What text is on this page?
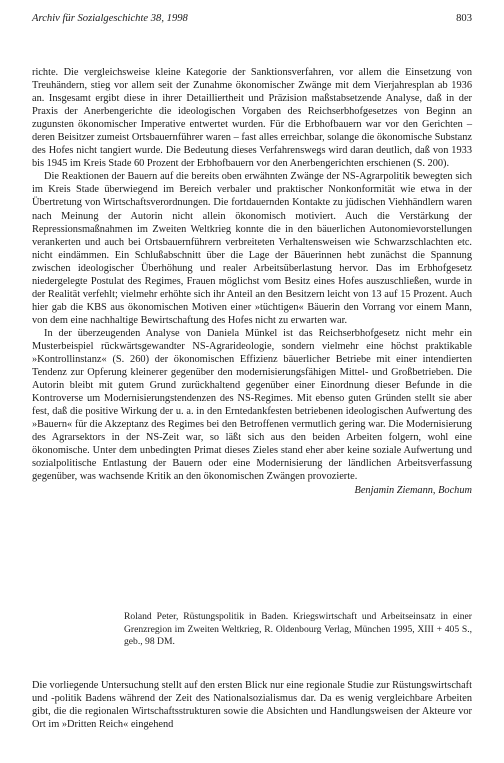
Archiv für Sozialgeschichte 38, 1998	803

richte. Die vergleichsweise kleine Kategorie der Sanktionsverfahren, vor allem die Einsetzung von Treuhändern, stieg vor allem seit der Zunahme ökonomischer Zwänge mit dem Vierjahresplan ab 1936 an. Insgesamt ergibt diese in ihrer Detailliertheit und Präzision maßstabsetzende Analyse, daß in der Praxis der Anerbengerichte die ideologischen Vorgaben des Reichserbhofgesetzes von Beginn an zugunsten ökonomischer Imperative entwertet wurden. Für die Erbhofbauern war vor den Gerichten – deren Beisitzer zumeist Ortsbauernführer waren – fast alles erreichbar, solange die ökonomische Substanz des Hofes nicht tangiert wurde. Die Bedeutung dieses Verfahrenswegs wird daran deutlich, daß von 1933 bis 1945 im Kreis Stade 60 Prozent der Erbhofbauern vor den Anerbengerichten erschienen (S. 200).

Die Reaktionen der Bauern auf die bereits oben erwähnten Zwänge der NS-Agrarpolitik bewegten sich im Kreis Stade überwiegend im Bereich verbaler und praktischer Nonkonformität wie etwa in der Übertretung von Wirtschaftsverordnungen. Die fortdauernden Kontakte zu jüdischen Viehhändlern waren nach Meinung der Autorin nicht allein ökonomisch motiviert. Auch die Verstärkung der Repressionsmaßnahmen im Zweiten Weltkrieg konnte die in den bäuerlichen Autonomievorstellungen verankerten und auch bei Ortsbauernführern verbreiteten Verhaltensweisen wie Schwarzschlachten etc. nicht eindämmen. Ein Schlußabschnitt über die Lage der Bäuerinnen hebt zunächst die Spannung zwischen ideologischer Überhöhung und realer Arbeitsüberlastung hervor. Das im Erbhofgesetz niedergelegte Postulat des Regimes, Frauen möglichst vom Besitz eines Hofes auszuschließen, wurde in der Realität verfehlt; vielmehr erhöhte sich ihr Anteil an den Besitzern leicht von 13 auf 15 Prozent. Auch hier gab die KBS aus ökonomischen Motiven einer »tüchtigen« Bäuerin den Vorrang vor einem Mann, von dem eine nachhaltige Bewirtschaftung des Hofes nicht zu erwarten war.

In der überzeugenden Analyse von Daniela Münkel ist das Reichserbhofgesetz nicht mehr ein Musterbeispiel rückwärtsgewandter NS-Agrarideologie, sondern vielmehr eine höchst praktikable »Kontrollinstanz« (S. 260) der ökonomischen Effizienz bäuerlicher Betriebe mit einer intendierten Tendenz zur Opferung kleinerer gegenüber den modernisierungsfähigen Mittel- und Großbetrieben. Die Autorin bleibt mit gutem Grund zurückhaltend gegenüber einer Einordnung dieser Befunde in die Kontroverse um Modernisierungstendenzen des NS-Regimes. Mit ebenso guten Gründen stellt sie aber fest, daß die positive Wirkung der u. a. in den Erntedankfesten betriebenen ideologischen Aufwertung des »Bauern« für die Akzeptanz des Regimes bei den Betroffenen vermutlich gering war. Die Modernisierung des Agrarsektors in der NS-Zeit war, so läßt sich aus den beiden Arbeiten folgern, wohl eine ökonomische. Unter dem unbedingten Primat dieses Zieles stand eher aber keine soziale Aufwertung und sozialpolitische Entlastung der Bauern oder eine Modernisierung der ländlichen Arbeitsverfassung gegenüber, was wachsende Kritik an den ökonomischen Zwängen provozierte.

Benjamin Ziemann, Bochum

Roland Peter, Rüstungspolitik in Baden. Kriegswirtschaft und Arbeitseinsatz in einer Grenzregion im Zweiten Weltkrieg, R. Oldenbourg Verlag, München 1995, XIII + 405 S., geb., 98 DM.

Die vorliegende Untersuchung stellt auf den ersten Blick nur eine regionale Studie zur Rüstungswirtschaft und -politik Badens während der Zeit des Nationalsozialismus dar. Da es wenig vergleichbare Arbeiten gibt, die die regionalen Wirtschaftsstrukturen sowie die Absichten und Handlungsweisen der Akteure vor Ort im »Dritten Reich« eingehend
